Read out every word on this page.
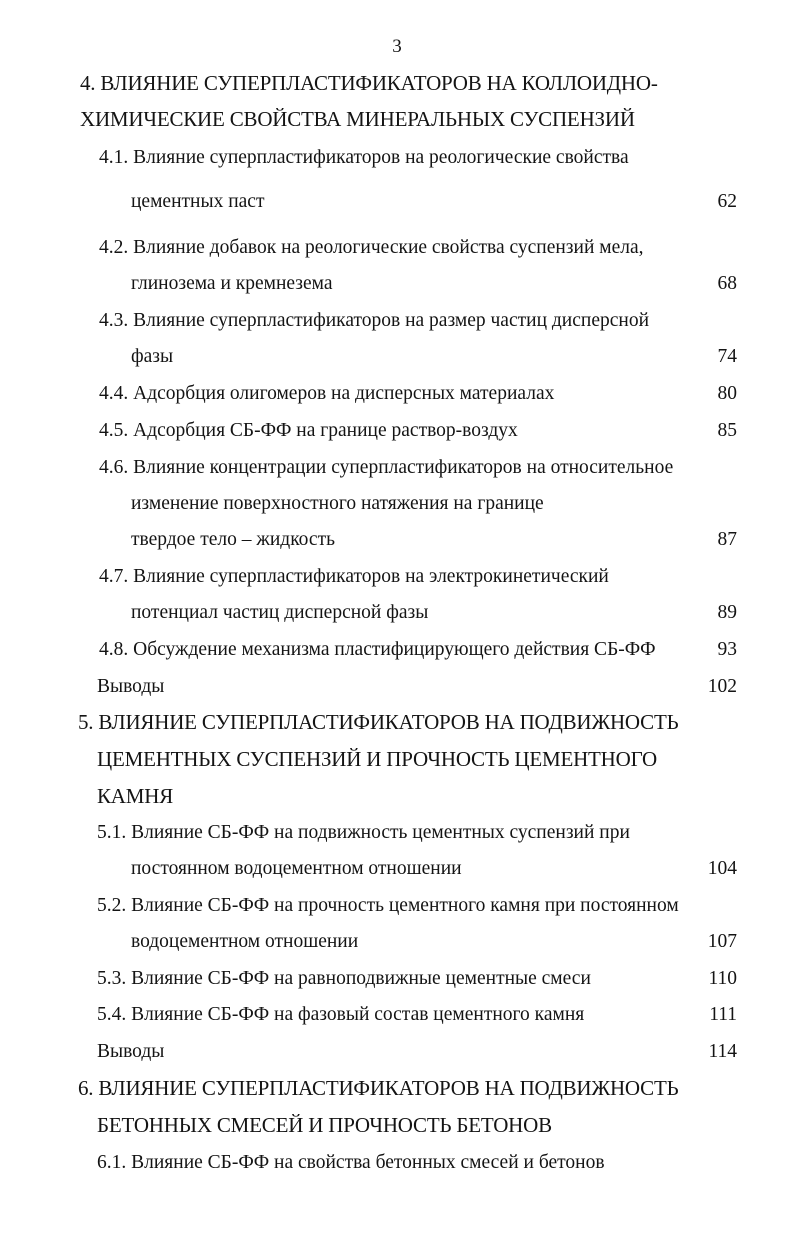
3
4. ВЛИЯНИЕ СУПЕРПЛАСТИФИКАТОРОВ НА КОЛЛОИДНО-
ХИМИЧЕСКИЕ СВОЙСТВА МИНЕРАЛЬНЫХ СУСПЕНЗИЙ
4.1. Влияние суперпластификаторов на реологические свойства
цементных паст	62
4.2. Влияние добавок на реологические свойства суспензий мела,
глинозема и кремнезема	68
4.3. Влияние суперпластификаторов на размер частиц дисперсной
фазы	74
4.4. Адсорбция олигомеров на дисперсных материалах	80
4.5. Адсорбция СБ-ФФ на границе раствор-воздух	85
4.6. Влияние концентрации суперпластификаторов на относительное
изменение поверхностного натяжения на границе
твердое тело – жидкость	87
4.7. Влияние суперпластификаторов на электрокинетический
потенциал частиц дисперсной фазы	89
4.8. Обсуждение механизма пластифицирующего действия СБ-ФФ	93
Выводы	102
5. ВЛИЯНИЕ СУПЕРПЛАСТИФИКАТОРОВ НА ПОДВИЖНОСТЬ
ЦЕМЕНТНЫХ СУСПЕНЗИЙ И ПРОЧНОСТЬ ЦЕМЕНТНОГО
КАМНЯ
5.1. Влияние СБ-ФФ на подвижность цементных суспензий при
постоянном водоцементном отношении	104
5.2. Влияние СБ-ФФ на прочность цементного камня при постоянном
водоцементном отношении	107
5.3. Влияние СБ-ФФ на равноподвижные цементные смеси	110
5.4. Влияние СБ-ФФ на фазовый состав цементного камня	111
Выводы	114
6. ВЛИЯНИЕ СУПЕРПЛАСТИФИКАТОРОВ НА ПОДВИЖНОСТЬ
БЕТОННЫХ СМЕСЕЙ И ПРОЧНОСТЬ БЕТОНОВ
6.1. Влияние СБ-ФФ на свойства бетонных смесей и бетонов
